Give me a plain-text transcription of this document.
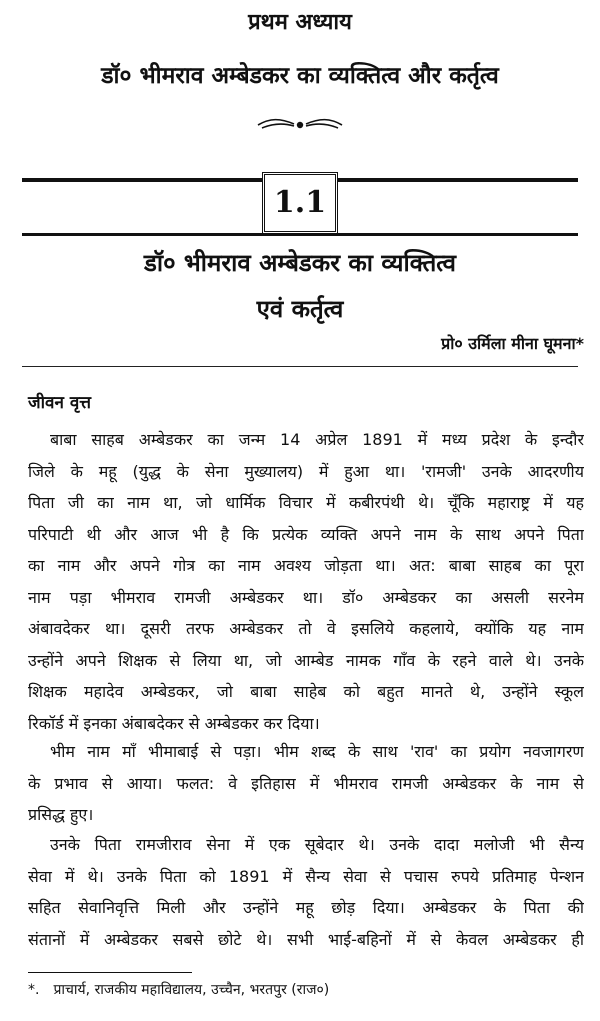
प्रथम अध्याय
डॉ० भीमराव अम्बेडकर का व्यक्तित्व और कर्तृत्व
1.1
डॉ० भीमराव अम्बेडकर का व्यक्तित्व
एवं कर्तृत्व
प्रो० उर्मिला मीना घूमना*
जीवन वृत्त
बाबा साहब अम्बेडकर का जन्म 14 अप्रेल 1891 में मध्य प्रदेश के इन्दौर
जिले के महू (युद्ध के सेना मुख्यालय) में हुआ था। 'रामजी' उनके आदरणीय
पिता जी का नाम था, जो धार्मिक विचार में कबीरपंथी थे। चूँकि महाराष्ट्र में यह
परिपाटी थी और आज भी है कि प्रत्येक व्यक्ति अपने नाम के साथ अपने पिता
का नाम और अपने गोत्र का नाम अवश्य जोड़ता था। अत: बाबा साहब का पूरा
नाम पड़ा भीमराव रामजी अम्बेडकर था। डॉ० अम्बेडकर का असली सरनेम
अंबावदेकर था। दूसरी तरफ अम्बेडकर तो वे इसलिये कहलाये, क्योंकि यह नाम
उन्होंने अपने शिक्षक से लिया था, जो आम्बेड नामक गाँव के रहने वाले थे। उनके
शिक्षक महादेव अम्बेडकर, जो बाबा साहेब को बहुत मानते थे, उन्होंने स्कूल
रिकॉर्ड में इनका अंबाबदेकर से अम्बेडकर कर दिया।
भीम नाम माँ भीमाबाई से पड़ा। भीम शब्द के साथ 'राव' का प्रयोग नवजागरण
के प्रभाव से आया। फलत: वे इतिहास में भीमराव रामजी अम्बेडकर के नाम से
प्रसिद्ध हुए।
उनके पिता रामजीराव सेना में एक सूबेदार थे। उनके दादा मलोजी भी सैन्य
सेवा में थे। उनके पिता को 1891 में सैन्य सेवा से पचास रुपये प्रतिमाह पेन्शन
सहित सेवानिवृत्ति मिली और उन्होंने महू छोड़ दिया। अम्बेडकर के पिता की
संतानों में अम्बेडकर सबसे छोटे थे। सभी भाई-बहिनों में से केवल अम्बेडकर ही
*. प्राचार्य, राजकीय महाविद्यालय, उच्चैन, भरतपुर (राज०)
